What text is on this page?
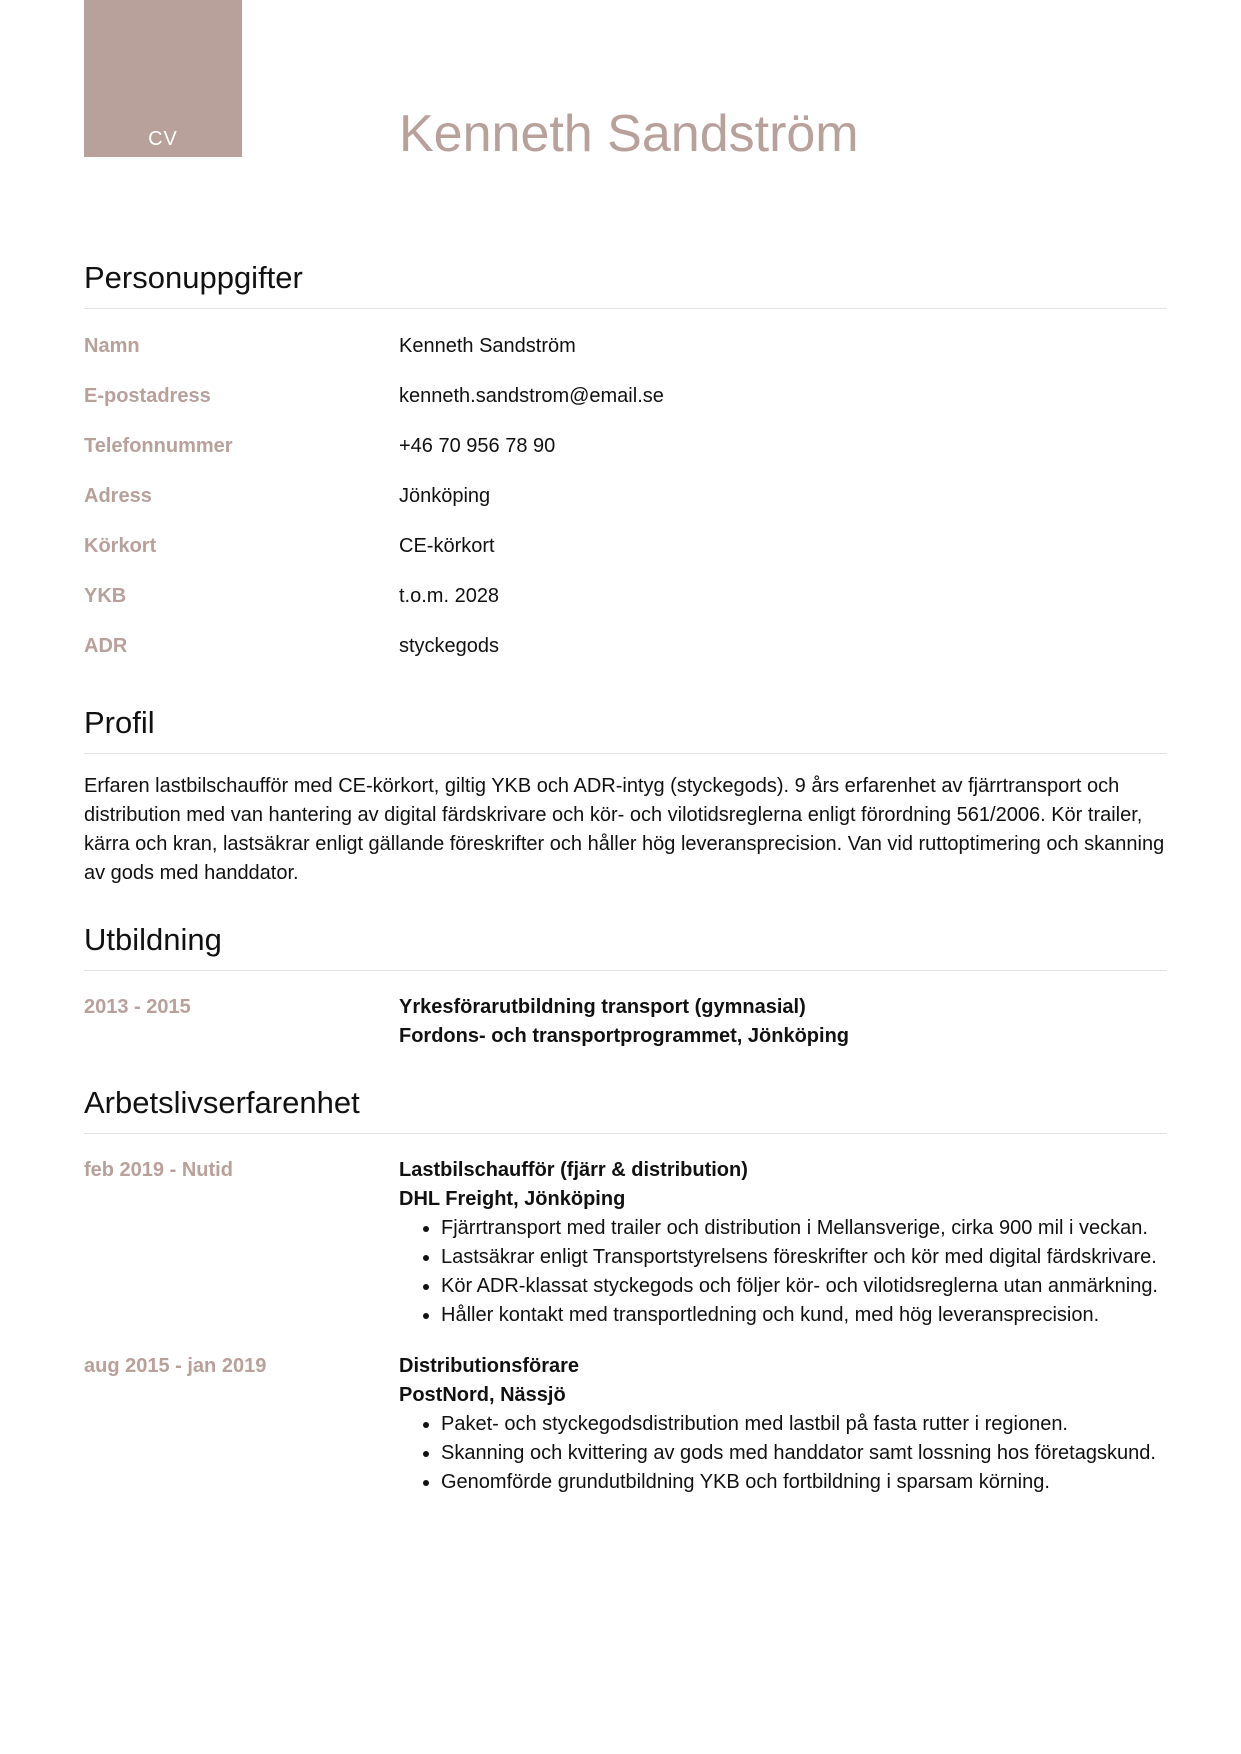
CV	Kenneth Sandström
Personuppgifter
Namn	Kenneth Sandström
E-postadress	kenneth.sandstrom@email.se
Telefonnummer	+46 70 956 78 90
Adress	Jönköping
Körkort	CE-körkort
YKB	t.o.m. 2028
ADR	styckegods
Profil

Erfaren lastbilschaufför med CE-körkort, giltig YKB och ADR-intyg (styckegods). 9 års erfarenhet av fjärrtransport och distribution med van hantering av digital färdskrivare och kör- och vilotidsreglerna enligt förordning 561/2006. Kör trailer, kärra och kran, lastsäkrar enligt gällande föreskrifter och håller hög leveransprecision. Van vid ruttoptimering och skanning av gods med handdator.

Utbildning
2013 - 2015	Yrkesförarutbildning transport (gymnasial)
Fordons- och transportprogrammet, Jönköping
Arbetslivserfarenhet
feb 2019 - Nutid	Lastbilschaufför (fjärr & distribution)
DHL Freight, Jönköping
• Fjärrtransport med trailer och distribution i Mellansverige, cirka 900 mil i veckan.
• Lastsäkrar enligt Transportstyrelsens föreskrifter och kör med digital färdskrivare.
• Kör ADR-klassat styckegods och följer kör- och vilotidsreglerna utan anmärkning.
• Håller kontakt med transportledning och kund, med hög leveransprecision.
aug 2015 - jan 2019	Distributionsförare
PostNord, Nässjö
• Paket- och styckegodsdistribution med lastbil på fasta rutter i regionen.
• Skanning och kvittering av gods med handdator samt lossning hos företagskund.
• Genomförde grundutbildning YKB och fortbildning i sparsam körning.
